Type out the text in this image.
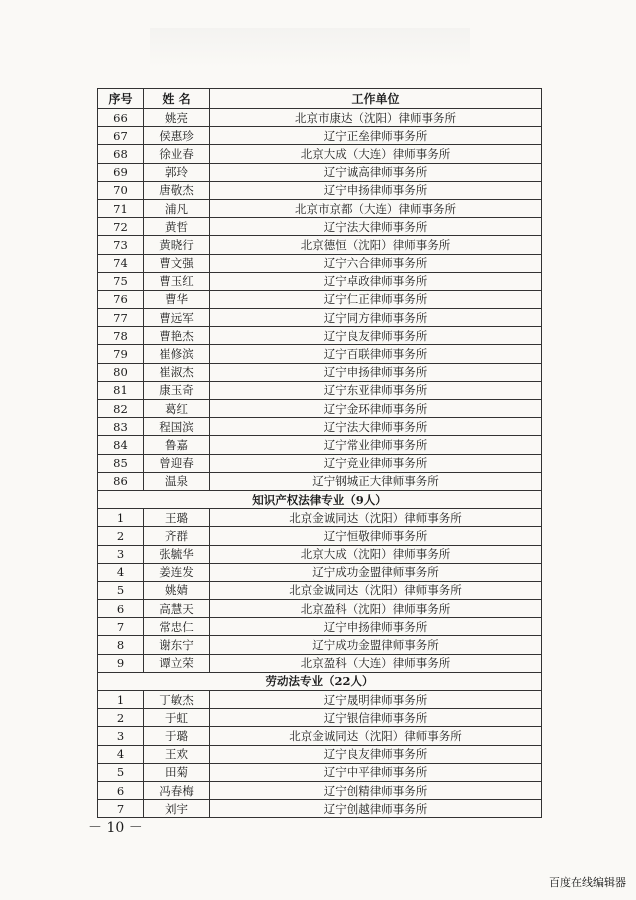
序号	姓 名	工作单位
66	姚亮	北京市康达（沈阳）律师事务所
67	侯惠珍	辽宁正垒律师事务所
68	徐业春	北京大成（大连）律师事务所
69	郭玲	辽宁诚高律师事务所
70	唐敬杰	辽宁申扬律师事务所
71	浦凡	北京市京都（大连）律师事务所
72	黄哲	辽宁法大律师事务所
73	黄晓行	北京德恒（沈阳）律师事务所
74	曹文强	辽宁六合律师事务所
75	曹玉红	辽宁卓政律师事务所
76	曹华	辽宁仁正律师事务所
77	曹远军	辽宁同方律师事务所
78	曹艳杰	辽宁良友律师事务所
79	崔修滨	辽宁百联律师事务所
80	崔淑杰	辽宁申扬律师事务所
81	康玉奇	辽宁东亚律师事务所
82	葛红	辽宁金环律师事务所
83	程国滨	辽宁法大律师事务所
84	鲁嘉	辽宁常业律师事务所
85	曾迎春	辽宁竞业律师事务所
86	温泉	辽宁钢城正大律师事务所
知识产权法律专业（9人）		
1	王璐	北京金诚同达（沈阳）律师事务所
2	齐群	辽宁恒敬律师事务所
3	张毓华	北京大成（沈阳）律师事务所
4	姜连发	辽宁成功金盟律师事务所
5	姚婧	北京金诚同达（沈阳）律师事务所
6	高慧天	北京盈科（沈阳）律师事务所
7	常忠仁	辽宁申扬律师事务所
8	谢东宁	辽宁成功金盟律师事务所
9	谭立荣	北京盈科（大连）律师事务所
劳动法专业（22人）		
1	丁敏杰	辽宁晟明律师事务所
2	于虹	辽宁银信律师事务所
3	于璐	北京金诚同达（沈阳）律师事务所
4	王欢	辽宁良友律师事务所
5	田菊	辽宁中平律师事务所
6	冯春梅	辽宁创精律师事务所
7	刘宇	辽宁创越律师事务所
－ 10 －
百度在线编辑器
